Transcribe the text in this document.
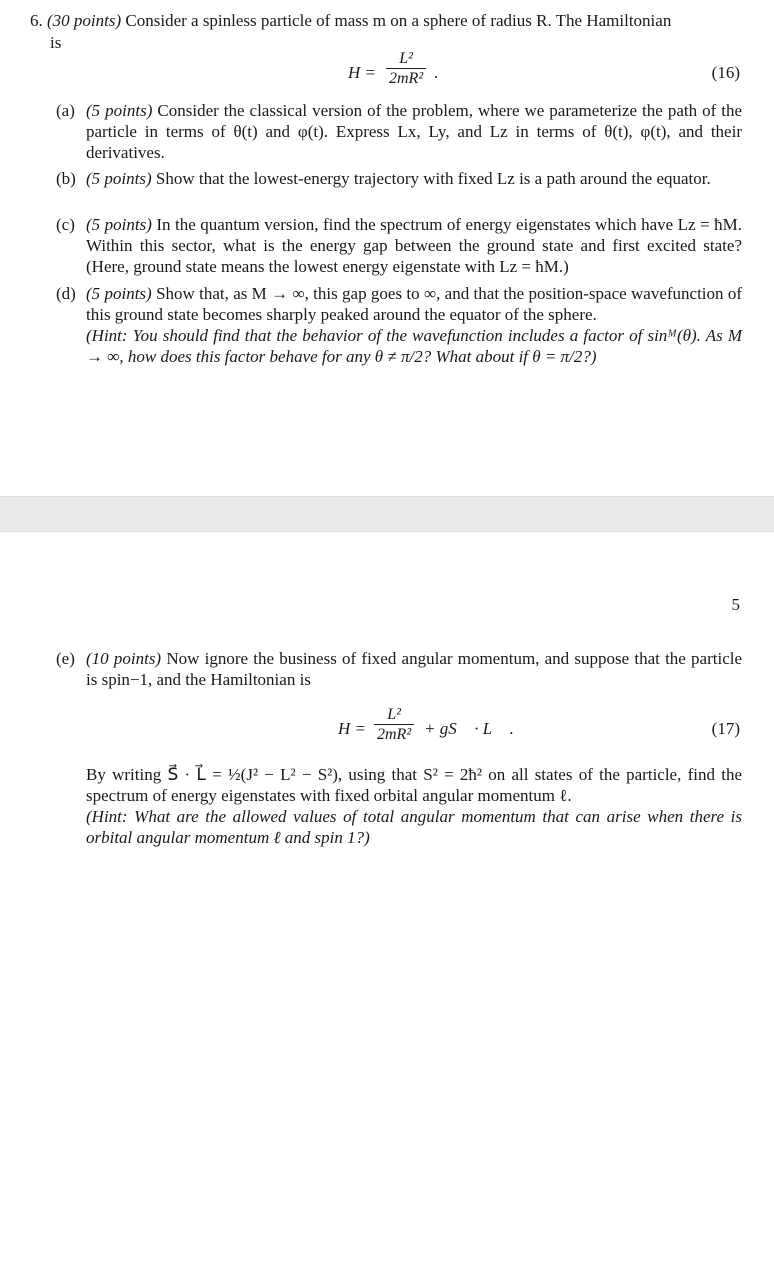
6. (30 points) Consider a spinless particle of mass m on a sphere of radius R. The Hamiltonian
is
$H = \frac{\text{L²}}{\text{2mR²}}$ .	(16)
(a) (5 points) Consider the classical version of the problem, where we parameterize the path of the particle in terms of θ(t) and φ(t). Express Lx, Ly, and Lz in terms of θ(t), φ(t), and their derivatives.
(b) (5 points) Show that the lowest-energy trajectory with fixed Lz is a path around the equator.
(c) (5 points) In the quantum version, find the spectrum of energy eigenstates which have Lz = ħM. Within this sector, what is the energy gap between the ground state and first excited state? (Here, ground state means the lowest energy eigenstate with Lz = ħM.)
(d) (5 points) Show that, as M → ∞, this gap goes to ∞, and that the position-space wavefunction of this ground state becomes sharply peaked around the equator of the sphere.
(Hint: You should find that the behavior of the wavefunction includes a factor of sinᴹ(θ). As M → ∞, how does this factor behave for any θ ≠ π/2? What about if θ = π/2?)
5
(e) (10 points) Now ignore the business of fixed angular momentum, and suppose that the particle is spin−1, and the Hamiltonian is
$H = \frac{\text{L²}}{\text{2mR²}}$ + gS⃗ · L⃗ .	(17)
By writing S⃗ · L⃗ = ½(J² − L² − S²), using that S² = 2ħ² on all states of the particle, find the spectrum of energy eigenstates with fixed orbital angular momentum ℓ.
(Hint: What are the allowed values of total angular momentum that can arise when there is orbital angular momentum ℓ and spin 1?)
